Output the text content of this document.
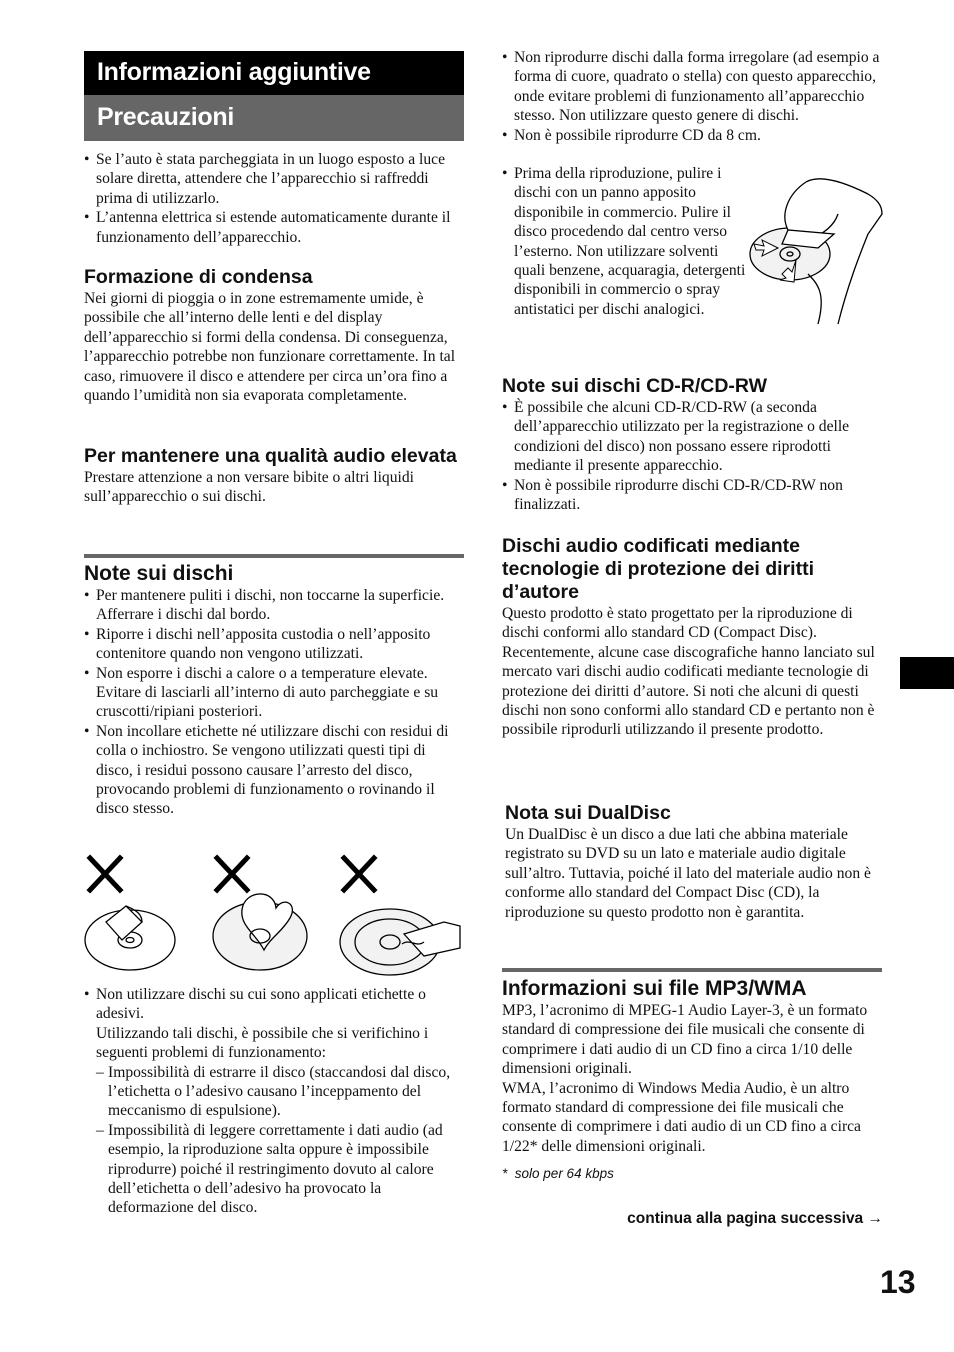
Informazioni aggiuntive
Precauzioni
• Se l’auto è stata parcheggiata in un luogo esposto a luce solare diretta, attendere che l’apparecchio si raffreddi prima di utilizzarlo.
• L’antenna elettrica si estende automaticamente durante il funzionamento dell’apparecchio.
Formazione di condensa

Nei giorni di pioggia o in zone estremamente umide, è possibile che all’interno delle lenti e del display dell’apparecchio si formi della condensa. Di conseguenza, l’apparecchio potrebbe non funzionare correttamente. In tal caso, rimuovere il disco e attendere per circa un’ora fino a quando l’umidità non sia evaporata completamente.

Per mantenere una qualità audio elevata

Prestare attenzione a non versare bibite o altri liquidi sull’apparecchio o sui dischi.

Note sui dischi
• Per mantenere puliti i dischi, non toccarne la superficie. Afferrare i dischi dal bordo.
• Riporre i dischi nell’apposita custodia o nell’apposito contenitore quando non vengono utilizzati.
• Non esporre i dischi a calore o a temperature elevate. Evitare di lasciarli all’interno di auto parcheggiate e su cruscotti/ripiani posteriori.
• Non incollare etichette né utilizzare dischi con residui di colla o inchiostro. Se vengono utilizzati questi tipi di disco, i residui possono causare l’arresto del disco, provocando problemi di funzionamento o rovinando il disco stesso.
• Non utilizzare dischi su cui sono applicati etichette o adesivi.
Utilizzando tali dischi, è possibile che si verifichino i seguenti problemi di funzionamento:
– Impossibilità di estrarre il disco (staccandosi dal disco, l’etichetta o l’adesivo causano l’inceppamento del meccanismo di espulsione).
– Impossibilità di leggere correttamente i dati audio (ad esempio, la riproduzione salta oppure è impossibile riprodurre) poiché il restringimento dovuto al calore dell’etichetta o dell’adesivo ha provocato la deformazione del disco.
• Non riprodurre dischi dalla forma irregolare (ad esempio a forma di cuore, quadrato o stella) con questo apparecchio, onde evitare problemi di funzionamento all’apparecchio stesso. Non utilizzare questo genere di dischi.
• Non è possibile riprodurre CD da 8 cm.
• Prima della riproduzione, pulire i dischi con un panno apposito disponibile in commercio. Pulire il disco procedendo dal centro verso l’esterno. Non utilizzare solventi quali benzene, acquaragia, detergenti disponibili in commercio o spray antistatici per dischi analogici.
Note sui dischi CD-R/CD-RW
• È possibile che alcuni CD-R/CD-RW (a seconda dell’apparecchio utilizzato per la registrazione o delle condizioni del disco) non possano essere riprodotti mediante il presente apparecchio.
• Non è possibile riprodurre dischi CD-R/CD-RW non finalizzati.
Dischi audio codificati mediante tecnologie di protezione dei diritti d’autore

Questo prodotto è stato progettato per la riproduzione di dischi conformi allo standard CD (Compact Disc).

Recentemente, alcune case discografiche hanno lanciato sul mercato vari dischi audio codificati mediante tecnologie di protezione dei diritti d’autore. Si noti che alcuni di questi dischi non sono conformi allo standard CD e pertanto non è possibile riprodurli utilizzando il presente prodotto.

Nota sui DualDisc

Un DualDisc è un disco a due lati che abbina materiale registrato su DVD su un lato e materiale audio digitale sull’altro. Tuttavia, poiché il lato del materiale audio non è conforme allo standard del Compact Disc (CD), la riproduzione su questo prodotto non è garantita.

Informazioni sui file MP3/WMA

MP3, l’acronimo di MPEG-1 Audio Layer-3, è un formato standard di compressione dei file musicali che consente di comprimere i dati audio di un CD fino a circa 1/10 delle dimensioni originali.

WMA, l’acronimo di Windows Media Audio, è un altro formato standard di compressione dei file musicali che consente di comprimere i dati audio di un CD fino a circa 1/22* delle dimensioni originali.

* solo per 64 kbps

continua alla pagina successiva →
13
